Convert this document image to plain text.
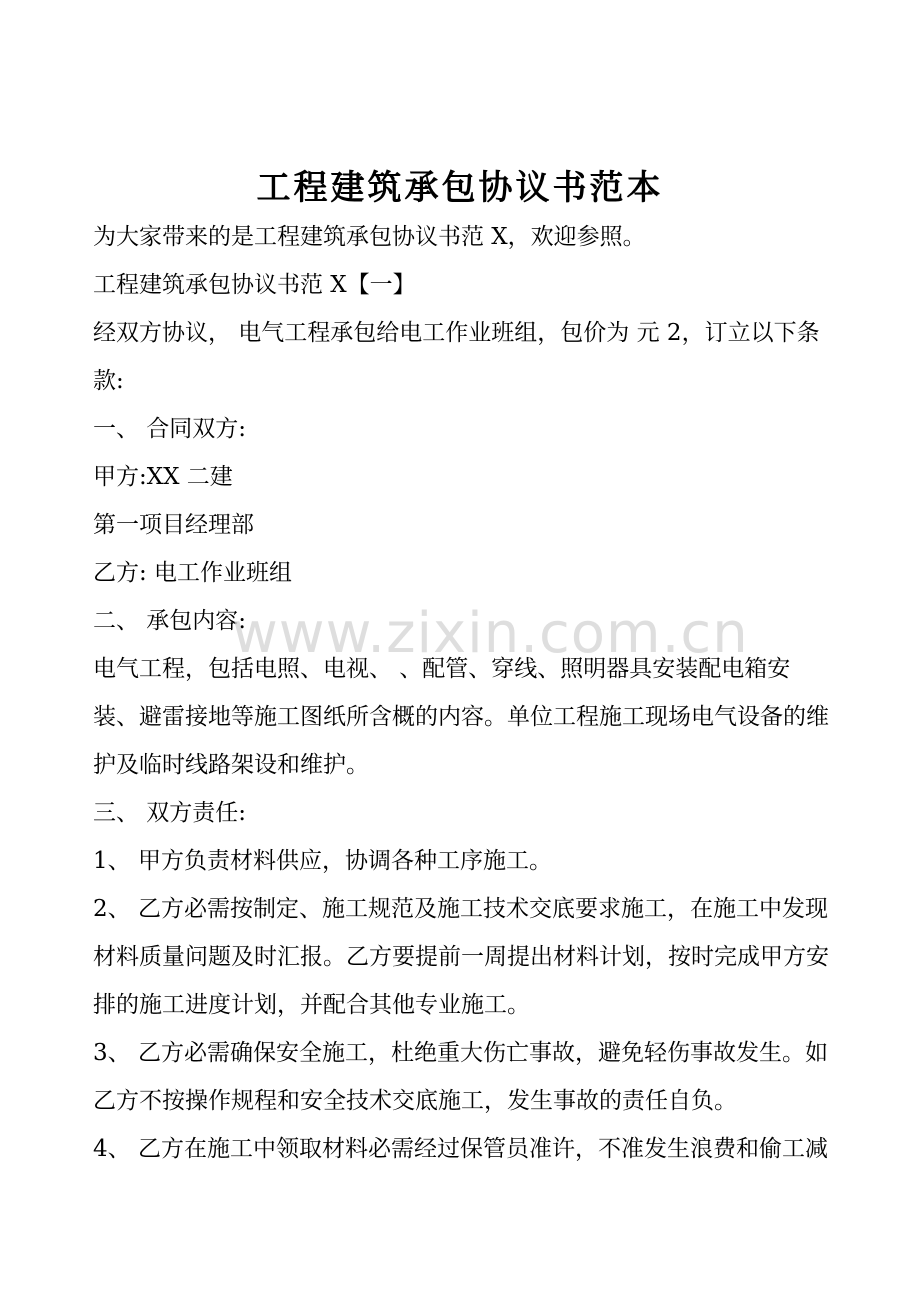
工程建筑承包协议书范本
为大家带来的是工程建筑承包协议书范 X，欢迎参照。
工程建筑承包协议书范 X【一】
经双方协议， 电气工程承包给电工作业班组，包价为 元 2，订立以下条
款:
一、 合同双方:
甲方:XX 二建
第一项目经理部
乙方: 电工作业班组
二、 承包内容:
电气工程，包括电照、电视、 、配管、穿线、照明器具安装配电箱安
装、避雷接地等施工图纸所含概的内容。单位工程施工现场电气设备的维
护及临时线路架设和维护。
三、 双方责任:
1、 甲方负责材料供应，协调各种工序施工。
2、 乙方必需按制定、施工规范及施工技术交底要求施工，在施工中发现
材料质量问题及时汇报。乙方要提前一周提出材料计划，按时完成甲方安
排的施工进度计划，并配合其他专业施工。
3、 乙方必需确保安全施工，杜绝重大伤亡事故，避免轻伤事故发生。如
乙方不按操作规程和安全技术交底施工，发生事故的责任自负。
4、 乙方在施工中领取材料必需经过保管员准许，不准发生浪费和偷工减
www.zixin.com.cn
